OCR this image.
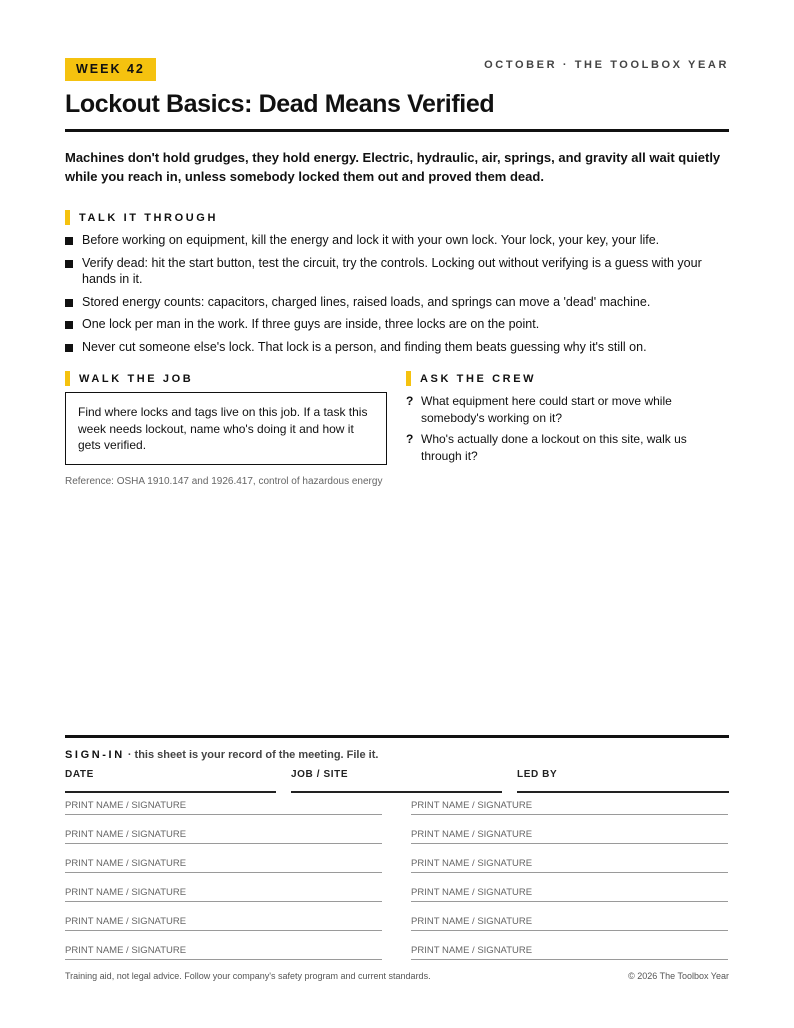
WEEK 42	OCTOBER · THE TOOLBOX YEAR
Lockout Basics: Dead Means Verified

Machines don't hold grudges, they hold energy. Electric, hydraulic, air, springs, and gravity all wait quietly while you reach in, unless somebody locked them out and proved them dead.

TALK IT THROUGH
Before working on equipment, kill the energy and lock it with your own lock. Your lock, your key, your life.
Verify dead: hit the start button, test the circuit, try the controls. Locking out without verifying is a guess with your hands in it.
Stored energy counts: capacitors, charged lines, raised loads, and springs can move a 'dead' machine.
One lock per man in the work. If three guys are inside, three locks are on the point.
Never cut someone else's lock. That lock is a person, and finding them beats guessing why it's still on.
WALK THE JOB
Find where locks and tags live on this job. If a task this week needs lockout, name who's doing it and how it gets verified.
ASK THE CREW
? What equipment here could start or move while somebody's working on it?
? Who's actually done a lockout on this site, walk us through it?
Reference: OSHA 1910.147 and 1926.417, control of hazardous energy
SIGN-IN · this sheet is your record of the meeting. File it.
DATE	JOB / SITE	LED BY
PRINT NAME / SIGNATURE	PRINT NAME / SIGNATURE
PRINT NAME / SIGNATURE	PRINT NAME / SIGNATURE
PRINT NAME / SIGNATURE	PRINT NAME / SIGNATURE
PRINT NAME / SIGNATURE	PRINT NAME / SIGNATURE
PRINT NAME / SIGNATURE	PRINT NAME / SIGNATURE
PRINT NAME / SIGNATURE	PRINT NAME / SIGNATURE
Training aid, not legal advice. Follow your company's safety program and current standards.	© 2026 The Toolbox Year
